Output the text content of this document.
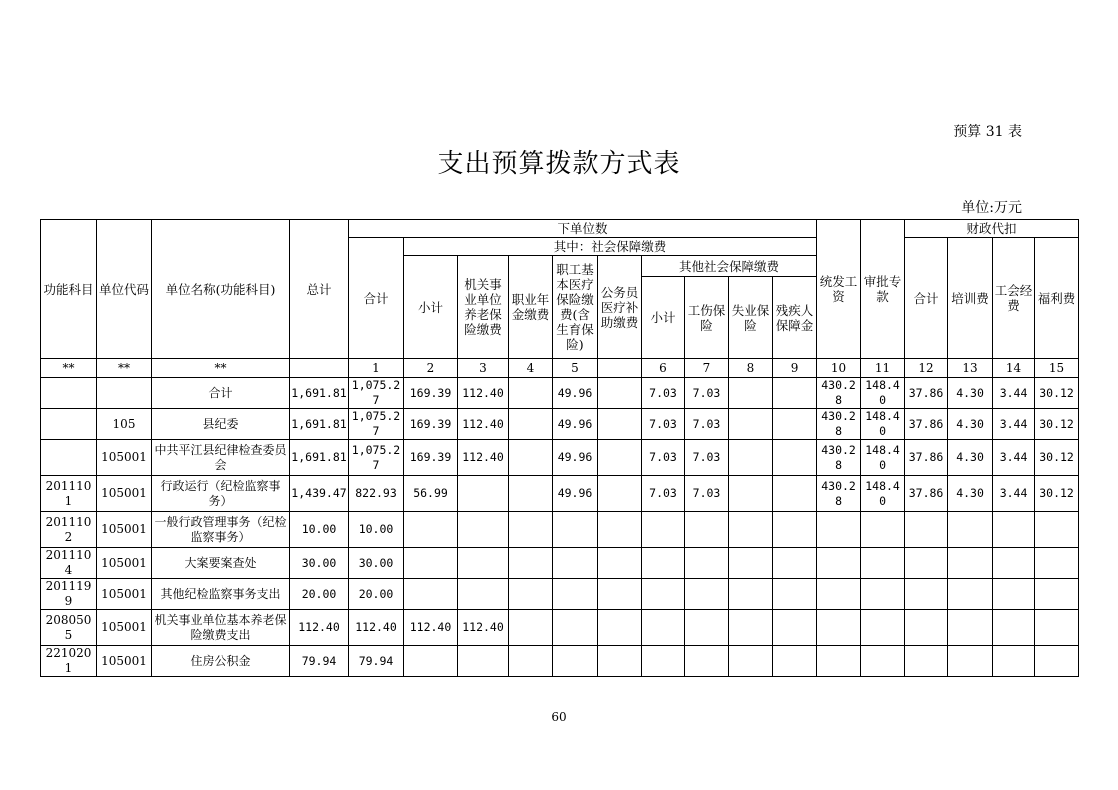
预算 31 表
支出预算拨款方式表
单位:万元
功能科目	单位代码	单位名称(功能科目)	总计	下单位数										统发工资	审批专款	财政代扣			
				合计	其中：社会保障缴费											合计	培训费	工会经费	福利费
					小计	机关事业单位养老保险缴费	职业年金缴费	职工基本医疗保险缴费(含生育保险)	公务员医疗补助缴费	其他社会保障缴费									
										小计	工伤保险	失业保险	残疾人保障金						
**	**	**		1	2	3	4	5		6	7	8	9	10	11	12	13	14	15
		合计	1,691.81	1,075.27	169.39	112.40		49.96		7.03	7.03			430.28	148.40	37.86	4.30	3.44	30.12
	105	县纪委	1,691.81	1,075.27	169.39	112.40		49.96		7.03	7.03			430.28	148.40	37.86	4.30	3.44	30.12
	105001	中共平江县纪律检查委员会	1,691.81	1,075.27	169.39	112.40		49.96		7.03	7.03			430.28	148.40	37.86	4.30	3.44	30.12
2011101	105001	行政运行（纪检监察事务）	1,439.47	822.93	56.99			49.96		7.03	7.03			430.28	148.40	37.86	4.30	3.44	30.12
2011102	105001	一般行政管理事务（纪检监察事务）	10.00	10.00															
2011104	105001	大案要案查处	30.00	30.00															
2011199	105001	其他纪检监察事务支出	20.00	20.00															
2080505	105001	机关事业单位基本养老保险缴费支出	112.40	112.40	112.40	112.40													
2210201	105001	住房公积金	79.94	79.94															
60
